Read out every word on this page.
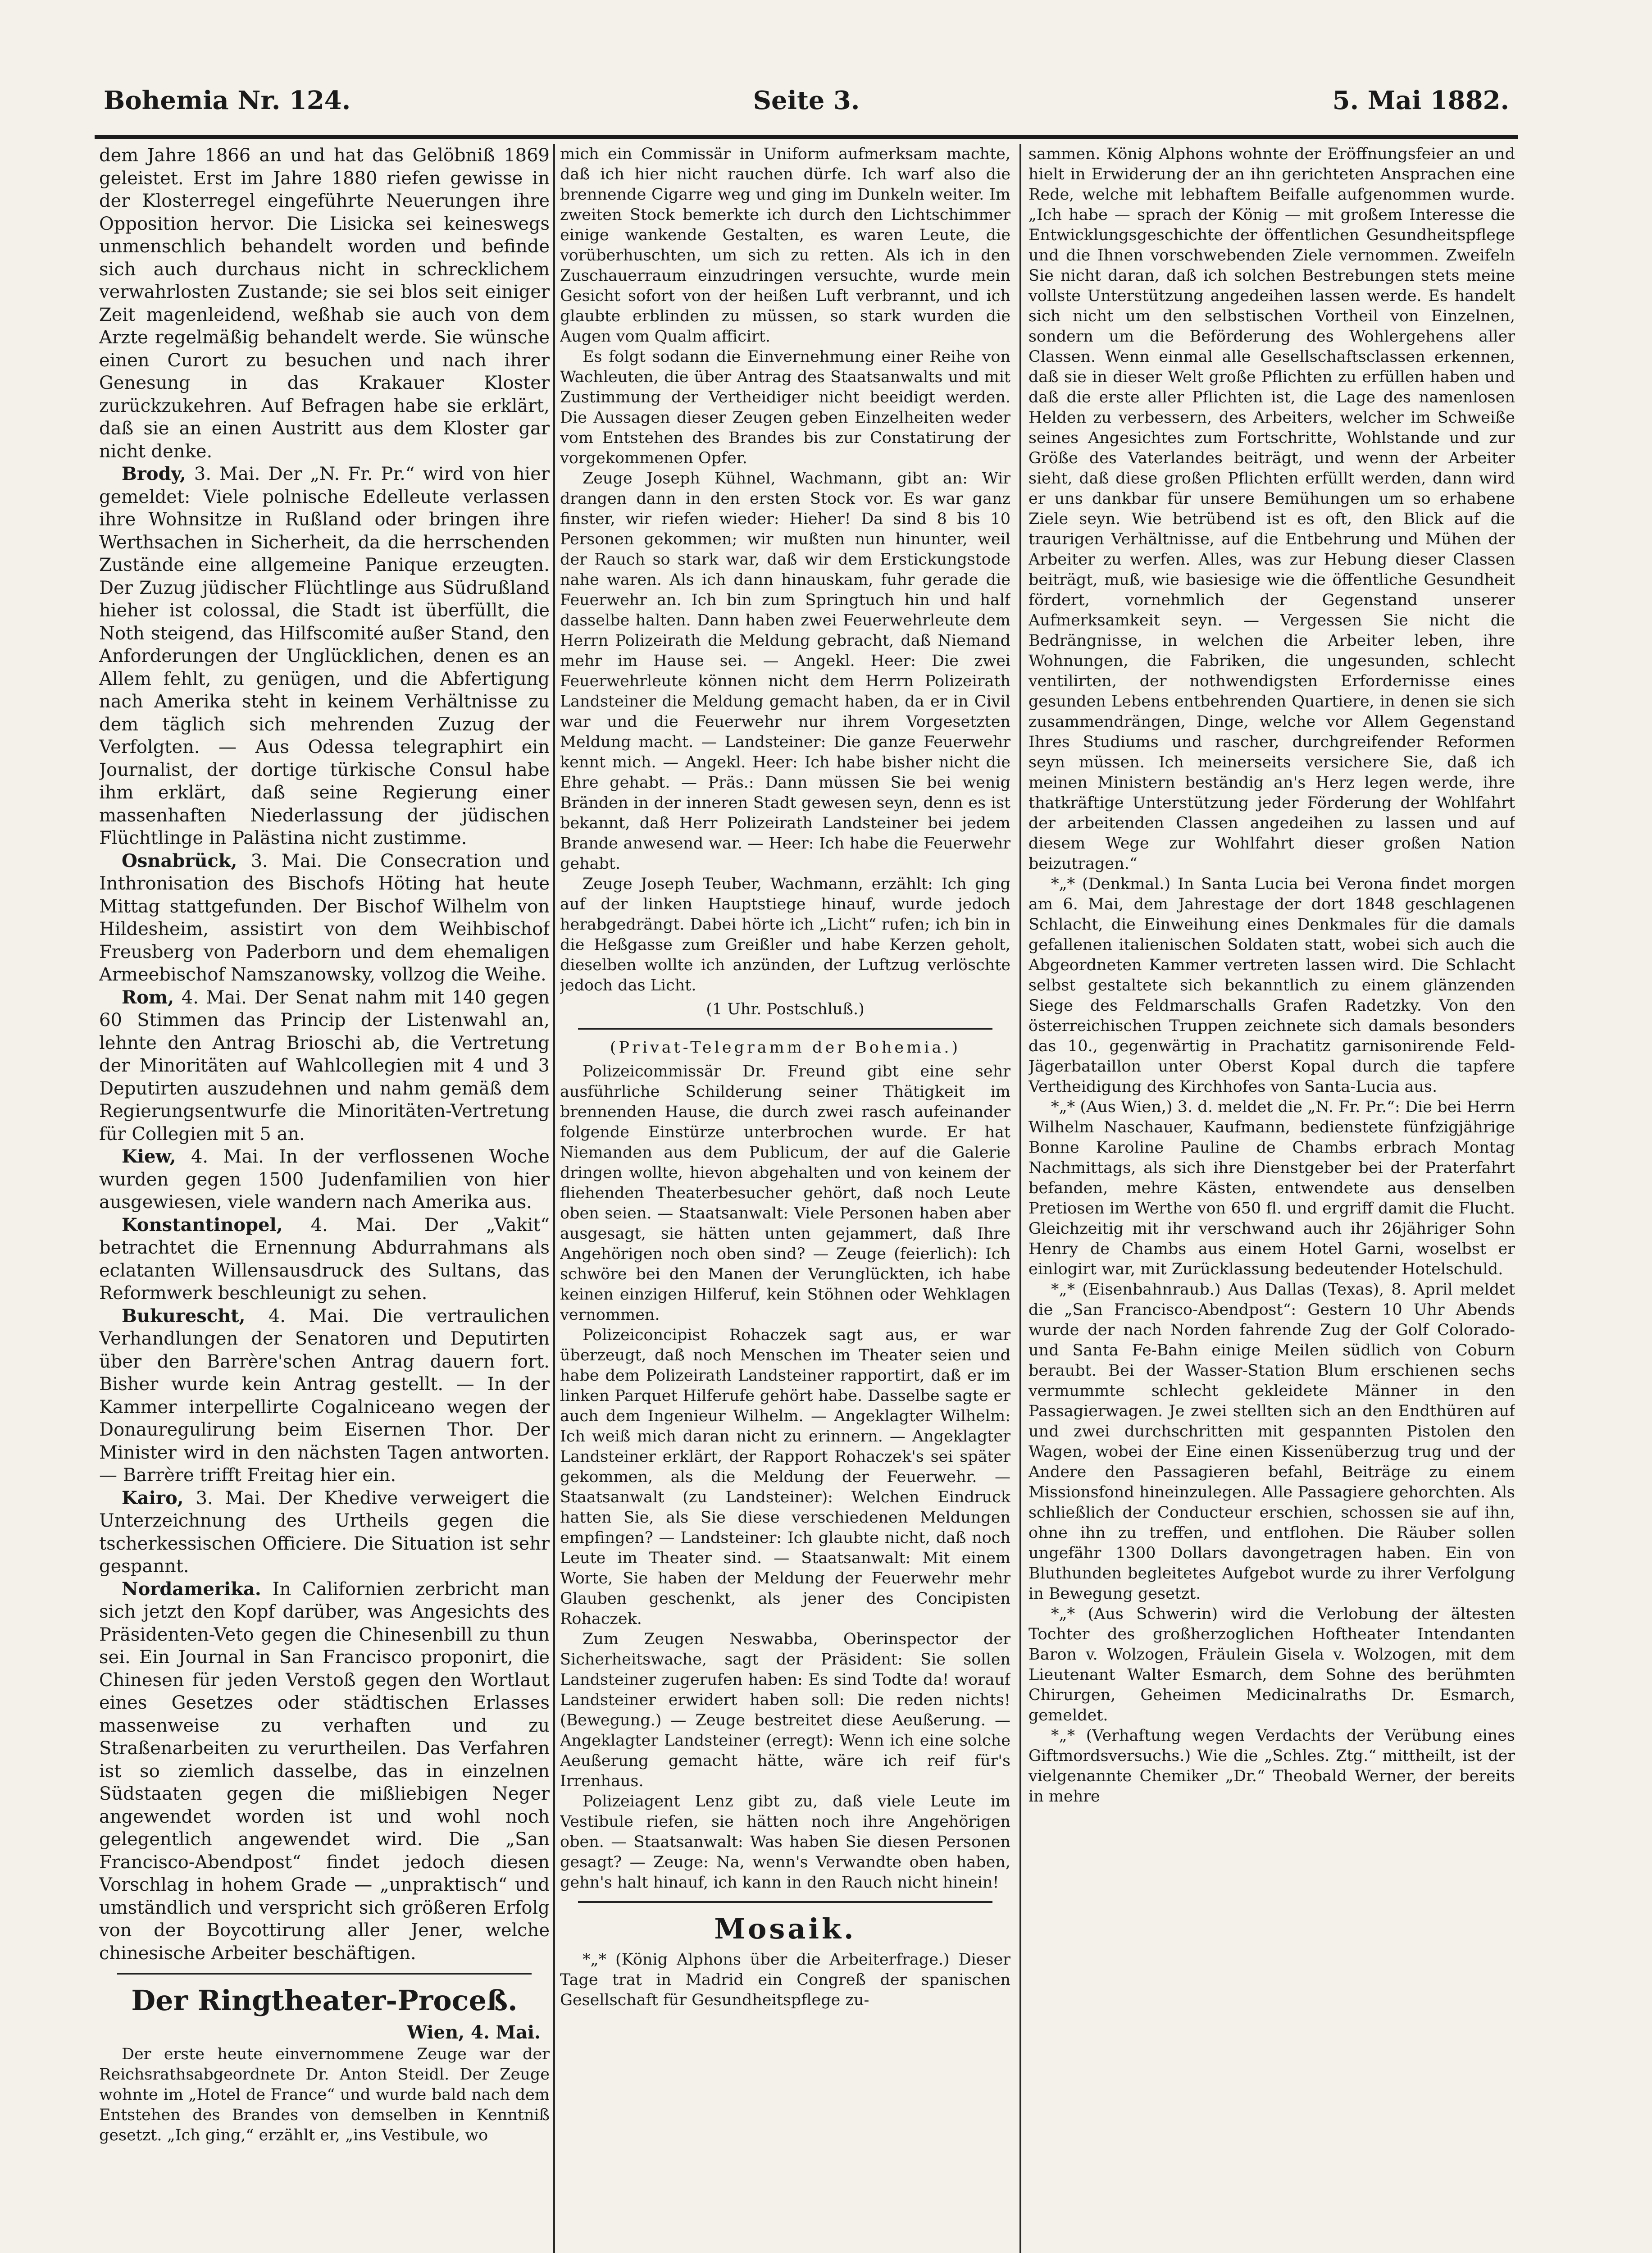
Bohemia Nr. 124.	Seite 3.	5. Mai 1882.

dem Jahre 1866 an und hat das Gelöbniß 1869 geleistet. Erst im Jahre 1880 riefen gewisse in der Klosterregel eingeführte Neuerungen ihre Opposition hervor. Die Lisicka sei keineswegs unmenschlich behandelt worden und befinde sich auch durchaus nicht in schrecklichem verwahrlosten Zustande; sie sei blos seit einiger Zeit magenleidend, weßhab sie auch von dem Arzte regelmäßig behandelt werde. Sie wünsche einen Curort zu besuchen und nach ihrer Genesung in das Krakauer Kloster zurückzukehren. Auf Befragen habe sie erklärt, daß sie an einen Austritt aus dem Kloster gar nicht denke.

Brody, 3. Mai. Der „N. Fr. Pr.“ wird von hier gemeldet: Viele polnische Edelleute verlassen ihre Wohnsitze in Rußland oder bringen ihre Werthsachen in Sicherheit, da die herrschenden Zustände eine allgemeine Panique erzeugten. Der Zuzug jüdischer Flüchtlinge aus Südrußland hieher ist colossal, die Stadt ist überfüllt, die Noth steigend, das Hilfscomité außer Stand, den Anforderungen der Unglücklichen, denen es an Allem fehlt, zu genügen, und die Abfertigung nach Amerika steht in keinem Verhältnisse zu dem täglich sich mehrenden Zuzug der Verfolgten. — Aus Odessa telegraphirt ein Journalist, der dortige türkische Consul habe ihm erklärt, daß seine Regierung einer massenhaften Niederlassung der jüdischen Flüchtlinge in Palästina nicht zustimme.

Osnabrück, 3. Mai. Die Consecration und Inthronisation des Bischofs Höting hat heute Mittag stattgefunden. Der Bischof Wilhelm von Hildesheim, assistirt von dem Weihbischof Freusberg von Paderborn und dem ehemaligen Armeebischof Namszanowsky, vollzog die Weihe.

Rom, 4. Mai. Der Senat nahm mit 140 gegen 60 Stimmen das Princip der Listenwahl an, lehnte den Antrag Brioschi ab, die Vertretung der Minoritäten auf Wahlcollegien mit 4 und 3 Deputirten auszudehnen und nahm gemäß dem Regierungsentwurfe die Minoritäten-Vertretung für Collegien mit 5 an.

Kiew, 4. Mai. In der verflossenen Woche wurden gegen 1500 Judenfamilien von hier ausgewiesen, viele wandern nach Amerika aus.

Konstantinopel, 4. Mai. Der „Vakit“ betrachtet die Ernennung Abdurrahmans als eclatanten Willensausdruck des Sultans, das Reformwerk beschleunigt zu sehen.

Bukurescht, 4. Mai. Die vertraulichen Verhandlungen der Senatoren und Deputirten über den Barrère'schen Antrag dauern fort. Bisher wurde kein Antrag gestellt. — In der Kammer interpellirte Cogalniceano wegen der Donauregulirung beim Eisernen Thor. Der Minister wird in den nächsten Tagen antworten. — Barrère trifft Freitag hier ein.

Kairo, 3. Mai. Der Khedive verweigert die Unterzeichnung des Urtheils gegen die tscherkessischen Officiere. Die Situation ist sehr gespannt.

Nordamerika. In Californien zerbricht man sich jetzt den Kopf darüber, was Angesichts des Präsidenten-Veto gegen die Chinesenbill zu thun sei. Ein Journal in San Francisco proponirt, die Chinesen für jeden Verstoß gegen den Wortlaut eines Gesetzes oder städtischen Erlasses massenweise zu verhaften und zu Straßenarbeiten zu verurtheilen. Das Verfahren ist so ziemlich dasselbe, das in einzelnen Südstaaten gegen die mißliebigen Neger angewendet worden ist und wohl noch gelegentlich angewendet wird. Die „San Francisco-Abendpost“ findet jedoch diesen Vorschlag in hohem Grade — „unpraktisch“ und umständlich und verspricht sich größeren Erfolg von der Boycottirung aller Jener, welche chinesische Arbeiter beschäftigen.

Der Ringtheater-Proceß.
Wien, 4. Mai.

Der erste heute einvernommene Zeuge war der Reichsrathsabgeordnete Dr. Anton Steidl. Der Zeuge wohnte im „Hotel de France“ und wurde bald nach dem Entstehen des Brandes von demselben in Kenntniß gesetzt. „Ich ging,“ erzählt er, „ins Vestibule, wo

mich ein Commissär in Uniform aufmerksam machte, daß ich hier nicht rauchen dürfe. Ich warf also die brennende Cigarre weg und ging im Dunkeln weiter. Im zweiten Stock bemerkte ich durch den Lichtschimmer einige wankende Gestalten, es waren Leute, die vorüberhuschten, um sich zu retten. Als ich in den Zuschauerraum einzudringen versuchte, wurde mein Gesicht sofort von der heißen Luft verbrannt, und ich glaubte erblinden zu müssen, so stark wurden die Augen vom Qualm afficirt.

Es folgt sodann die Einvernehmung einer Reihe von Wachleuten, die über Antrag des Staatsanwalts und mit Zustimmung der Vertheidiger nicht beeidigt werden. Die Aussagen dieser Zeugen geben Einzelheiten weder vom Entstehen des Brandes bis zur Constatirung der vorgekommenen Opfer.

Zeuge Joseph Kühnel, Wachmann, gibt an: Wir drangen dann in den ersten Stock vor. Es war ganz finster, wir riefen wieder: Hieher! Da sind 8 bis 10 Personen gekommen; wir mußten nun hinunter, weil der Rauch so stark war, daß wir dem Erstickungstode nahe waren. Als ich dann hinauskam, fuhr gerade die Feuerwehr an. Ich bin zum Springtuch hin und half dasselbe halten. Dann haben zwei Feuerwehrleute dem Herrn Polizeirath die Meldung gebracht, daß Niemand mehr im Hause sei. — Angekl. Heer: Die zwei Feuerwehrleute können nicht dem Herrn Polizeirath Landsteiner die Meldung gemacht haben, da er in Civil war und die Feuerwehr nur ihrem Vorgesetzten Meldung macht. — Landsteiner: Die ganze Feuerwehr kennt mich. — Angekl. Heer: Ich habe bisher nicht die Ehre gehabt. — Präs.: Dann müssen Sie bei wenig Bränden in der inneren Stadt gewesen seyn, denn es ist bekannt, daß Herr Polizeirath Landsteiner bei jedem Brande anwesend war. — Heer: Ich habe die Feuerwehr gehabt.

Zeuge Joseph Teuber, Wachmann, erzählt: Ich ging auf der linken Hauptstiege hinauf, wurde jedoch herabgedrängt. Dabei hörte ich „Licht“ rufen; ich bin in die Heßgasse zum Greißler und habe Kerzen geholt, dieselben wollte ich anzünden, der Luftzug verlöschte jedoch das Licht.

(1 Uhr. Postschluß.)
(Privat-Telegramm der Bohemia.)

Polizeicommissär Dr. Freund gibt eine sehr ausführliche Schilderung seiner Thätigkeit im brennenden Hause, die durch zwei rasch aufeinander folgende Einstürze unterbrochen wurde. Er hat Niemanden aus dem Publicum, der auf die Galerie dringen wollte, hievon abgehalten und von keinem der fliehenden Theaterbesucher gehört, daß noch Leute oben seien. — Staatsanwalt: Viele Personen haben aber ausgesagt, sie hätten unten gejammert, daß Ihre Angehörigen noch oben sind? — Zeuge (feierlich): Ich schwöre bei den Manen der Verunglückten, ich habe keinen einzigen Hilferuf, kein Stöhnen oder Wehklagen vernommen.

Polizeiconcipist Rohaczek sagt aus, er war überzeugt, daß noch Menschen im Theater seien und habe dem Polizeirath Landsteiner rapportirt, daß er im linken Parquet Hilferufe gehört habe. Dasselbe sagte er auch dem Ingenieur Wilhelm. — Angeklagter Wilhelm: Ich weiß mich daran nicht zu erinnern. — Angeklagter Landsteiner erklärt, der Rapport Rohaczek's sei später gekommen, als die Meldung der Feuerwehr. — Staatsanwalt (zu Landsteiner): Welchen Eindruck hatten Sie, als Sie diese verschiedenen Meldungen empfingen? — Landsteiner: Ich glaubte nicht, daß noch Leute im Theater sind. — Staatsanwalt: Mit einem Worte, Sie haben der Meldung der Feuerwehr mehr Glauben geschenkt, als jener des Concipisten Rohaczek.

Zum Zeugen Neswabba, Oberinspector der Sicherheitswache, sagt der Präsident: Sie sollen Landsteiner zugerufen haben: Es sind Todte da! worauf Landsteiner erwidert haben soll: Die reden nichts! (Bewegung.) — Zeuge bestreitet diese Aeußerung. — Angeklagter Landsteiner (erregt): Wenn ich eine solche Aeußerung gemacht hätte, wäre ich reif für's Irrenhaus.

Polizeiagent Lenz gibt zu, daß viele Leute im Vestibule riefen, sie hätten noch ihre Angehörigen oben. — Staatsanwalt: Was haben Sie diesen Personen gesagt? — Zeuge: Na, wenn's Verwandte oben haben, gehn's halt hinauf, ich kann in den Rauch nicht hinein!

Mosaik.

*„* (König Alphons über die Arbeiterfrage.) Dieser Tage trat in Madrid ein Congreß der spanischen Gesellschaft für Gesundheitspflege zu-

sammen. König Alphons wohnte der Eröffnungsfeier an und hielt in Erwiderung der an ihn gerichteten Ansprachen eine Rede, welche mit lebhaftem Beifalle aufgenommen wurde. „Ich habe — sprach der König — mit großem Interesse die Entwicklungsgeschichte der öffentlichen Gesundheitspflege und die Ihnen vorschwebenden Ziele vernommen. Zweifeln Sie nicht daran, daß ich solchen Bestrebungen stets meine vollste Unterstützung angedeihen lassen werde. Es handelt sich nicht um den selbstischen Vortheil von Einzelnen, sondern um die Beförderung des Wohlergehens aller Classen. Wenn einmal alle Gesellschaftsclassen erkennen, daß sie in dieser Welt große Pflichten zu erfüllen haben und daß die erste aller Pflichten ist, die Lage des namenlosen Helden zu verbessern, des Arbeiters, welcher im Schweiße seines Angesichtes zum Fortschritte, Wohlstande und zur Größe des Vaterlandes beiträgt, und wenn der Arbeiter sieht, daß diese großen Pflichten erfüllt werden, dann wird er uns dankbar für unsere Bemühungen um so erhabene Ziele seyn. Wie betrübend ist es oft, den Blick auf die traurigen Verhältnisse, auf die Entbehrung und Mühen der Arbeiter zu werfen. Alles, was zur Hebung dieser Classen beiträgt, muß, wie basiesige wie die öffentliche Gesundheit fördert, vornehmlich der Gegenstand unserer Aufmerksamkeit seyn. — Vergessen Sie nicht die Bedrängnisse, in welchen die Arbeiter leben, ihre Wohnungen, die Fabriken, die ungesunden, schlecht ventilirten, der nothwendigsten Erfordernisse eines gesunden Lebens entbehrenden Quartiere, in denen sie sich zusammendrängen, Dinge, welche vor Allem Gegenstand Ihres Studiums und rascher, durchgreifender Reformen seyn müssen. Ich meinerseits versichere Sie, daß ich meinen Ministern beständig an's Herz legen werde, ihre thatkräftige Unterstützung jeder Förderung der Wohlfahrt der arbeitenden Classen angedeihen zu lassen und auf diesem Wege zur Wohlfahrt dieser großen Nation beizutragen.“

*„* (Denkmal.) In Santa Lucia bei Verona findet morgen am 6. Mai, dem Jahrestage der dort 1848 geschlagenen Schlacht, die Einweihung eines Denkmales für die damals gefallenen italienischen Soldaten statt, wobei sich auch die Abgeordneten Kammer vertreten lassen wird. Die Schlacht selbst gestaltete sich bekanntlich zu einem glänzenden Siege des Feldmarschalls Grafen Radetzky. Von den österreichischen Truppen zeichnete sich damals besonders das 10., gegenwärtig in Prachatitz garnisonirende Feld-Jägerbataillon unter Oberst Kopal durch die tapfere Vertheidigung des Kirchhofes von Santa-Lucia aus.

*„* (Aus Wien,) 3. d. meldet die „N. Fr. Pr.“: Die bei Herrn Wilhelm Naschauer, Kaufmann, bedienstete fünfzigjährige Bonne Karoline Pauline de Chambs erbrach Montag Nachmittags, als sich ihre Dienstgeber bei der Praterfahrt befanden, mehre Kästen, entwendete aus denselben Pretiosen im Werthe von 650 fl. und ergriff damit die Flucht. Gleichzeitig mit ihr verschwand auch ihr 26jähriger Sohn Henry de Chambs aus einem Hotel Garni, woselbst er einlogirt war, mit Zurücklassung bedeutender Hotelschuld.

*„* (Eisenbahnraub.) Aus Dallas (Texas), 8. April meldet die „San Francisco-Abendpost“: Gestern 10 Uhr Abends wurde der nach Norden fahrende Zug der Golf Colorado- und Santa Fe-Bahn einige Meilen südlich von Coburn beraubt. Bei der Wasser-Station Blum erschienen sechs vermummte schlecht gekleidete Männer in den Passagierwagen. Je zwei stellten sich an den Endthüren auf und zwei durchschritten mit gespannten Pistolen den Wagen, wobei der Eine einen Kissenüberzug trug und der Andere den Passagieren befahl, Beiträge zu einem Missionsfond hineinzulegen. Alle Passagiere gehorchten. Als schließlich der Conducteur erschien, schossen sie auf ihn, ohne ihn zu treffen, und entflohen. Die Räuber sollen ungefähr 1300 Dollars davongetragen haben. Ein von Bluthunden begleitetes Aufgebot wurde zu ihrer Verfolgung in Bewegung gesetzt.

*„* (Aus Schwerin) wird die Verlobung der ältesten Tochter des großherzoglichen Hoftheater Intendanten Baron v. Wolzogen, Fräulein Gisela v. Wolzogen, mit dem Lieutenant Walter Esmarch, dem Sohne des berühmten Chirurgen, Geheimen Medicinalraths Dr. Esmarch, gemeldet.

*„* (Verhaftung wegen Verdachts der Verübung eines Giftmordsversuchs.) Wie die „Schles. Ztg.“ mittheilt, ist der vielgenannte Chemiker „Dr.“ Theobald Werner, der bereits in mehre
